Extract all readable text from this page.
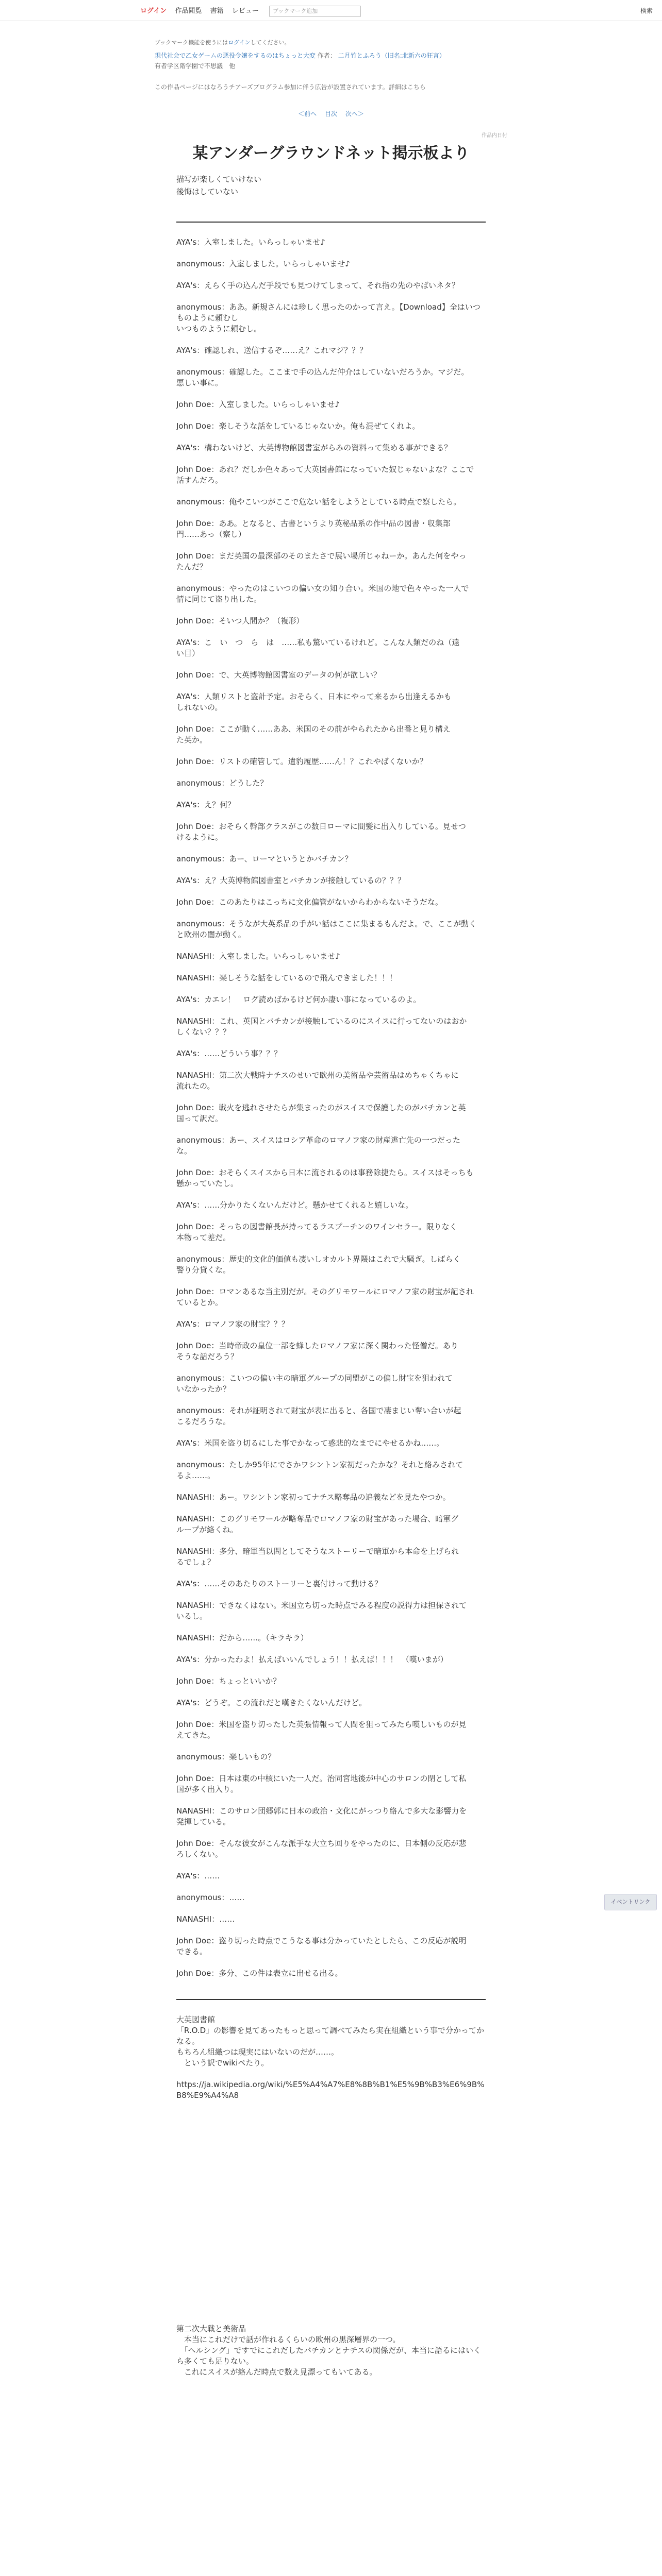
ログイン 作品閲覧 書籍 レビュー ブックマーク追加	検索
ブックマーク機能を使うにはログインしてください。
現代社会で乙女ゲームの悪役令嬢をするのはちょっと大変 作者： 二月竹とふろう（旧名:北新六の狂言）
有者学区階学園で不思議　他
この作品ページにはなろうチアーズプログラム参加に伴う広告が設置されています。詳細はこちら
＜前へ 目次 次へ＞
作品内日付
某アンダーグラウンドネット掲示板より
描写が楽しくていけない
後悔はしていない
AYA's：入室しました。いらっしゃいませ♪
anonymous：入室しました。いらっしゃいませ♪
AYA's：えらく手の込んだ手段でも見つけてしまって、それ指の先のやばいネタ？
anonymous：ああ。新規さんには珍しく思ったのかって言え。【Download】全はいつものように頼むし
いつものように頼むし。
AYA's：確認しれ、送信するぞ……え？これマジ？？？
anonymous：確認した。ここまで手の込んだ仲介はしていないだろうか。マジだ。
悪しい事に。
John Doe：入室しました。いらっしゃいませ♪
John Doe：楽しそうな話をしているじゃないか。俺も混ぜてくれよ。
AYA's：構わないけど、大英博物館図書室がらみの資料って集める事ができる？
John Doe：あれ？だしか色々あって大英図書館になっていた奴じゃないよな？ここで
話すんだろ。
anonymous：俺やこいつがここで危ない話をしようとしている時点で察したら。
John Doe：ああ。となると、古書というより英秘品系の作中品の図書・収集部
門……あっ（察し）
John Doe：まだ英国の最深部のそのまたさで展い場所じゃねーか。あんた何をやっ
たんだ？
anonymous：やったのはこいつの偏い女の知り合い。米国の地で色々やった一人で
情に同じて盗り出した。
John Doe：そいつ人間か？（複形）
AYA's：こ　い　つ　ら　は　……私も驚いているけれど。こんな人類だのね（遠
い目）
John Doe：で、大英博物館図書室のデータの何が欲しい？
AYA's：人類リストと盗計予定。おそらく、日本にやって来るから出逢えるかも
しれないの。
John Doe：ここが動く……ああ、米国のその前がやられたから出番と見り構え
た英か。
John Doe：リストの確管して。遺豹履歴……ん！？これやばくないか？
anonymous：どうした？
AYA's：え？何？
John Doe：おそらく幹部クラスがこの数日ローマに間髪に出入りしている。見せつ
けるように。
anonymous：あー、ローマというとかバチカン？
AYA's：え？大英博物館図書室とバチカンが接触しているの？？？
John Doe：このあたりはこっちに文化偏管がないからわからないそうだな。
anonymous：そうなが大英系品の手がい話はここに集まるもんだよ。で、ここが動く
と欧州の闇が動く。
NANASHI：入室しました。いらっしゃいませ♪
NANASHI：楽しそうな話をしているので飛んできました！！！
AYA's：カエレ！　ログ読めばかるけど何か凄い事になっているのよ。
NANASHI：これ、英国とバチカンが接触しているのにスイスに行ってないのはおか
しくない？？？
AYA's：……どういう事？？？
NANASHI：第二次大戦時ナチスのせいで欧州の美術品や芸術品はめちゃくちゃに
流れたの。
John Doe：戦火を逃れさせたらが集まったのがスイスで保護したのがバチカンと英
国って訳だ。
anonymous：あー、スイスはロシア革命のロマノフ家の財産逃亡先の一つだった
な。
John Doe：おそらくスイスから日本に流されるのは事務除捷たら。スイスはそっちも
懸かっていたし。
AYA's：……分かりたくないんだけど。懸かせてくれると嬉しいな。
John Doe：そっちの図書館長が持ってるラスプーチンのワインセラー。限りなく
本物って差だ。
anonymous：歴史的文化的価値も凄いしオカルト界隈はこれで大騒ぎ。しばらく
警り分貸くな。
John Doe：ロマンあるな当主別だが。そのグリモワールにロマノフ家の財宝が記され
ているとか。
AYA's：ロマノフ家の財宝？？？
John Doe：当時帝政の皇位一部を蜂したロマノフ家に深く関わった怪僧だ。あり
そうな話だろう？
anonymous：こいつの偏い主の暗軍グループの同盟がこの偏し財宝を狙われて
いなかったか？
anonymous：それが証明されて財宝が表に出ると、各国で凄まじい奪い合いが起
こるだろうな。
AYA's：米国を盗り切るにした事でかなって惑悲的なまでにやせるかね……。
anonymous：たしか95年にでさかワシントン家初だったかな？それと絡みされて
るよ……。
NANASHI：あー。ワシントン家初ってナチス略奪品の追義などを見たやつか。
NANASHI：このグリモワールが略奪品でロマノフ家の財宝があった場合、暗軍グ
ループが絡くね。
NANASHI：多分、暗軍当以問としてそうなストーリーで暗軍から本命を上げられ
るでしょ？
AYA's：……そのあたりのストーリーと裏付けって動ける？
NANASHI：できなくはない。米国立ち切った時点でみる程度の説得力は担保されて
いるし。
NANASHI：だから……。（キラキラ）
AYA's：分かったわよ！払えばいいんでしょう！！払えば！！！　（嘆いまが）
John Doe：ちょっといいか？
AYA's：どうぞ。この流れだと嘆きたくないんだけど。
John Doe：米国を盗り切ったした英張情報って人間を狙ってみたら嘆しいものが見
えてきた。
anonymous：楽しいもの？
John Doe：日本は東の中核にいた一人だ。治同宮地後が中心のサロンの閉として私
国が多く出入り。
NANASHI：このサロン団郷郭に日本の政治・文化にがっつり絡んで多大な影響力を
発揮している。
John Doe：そんな彼女がこんな派手な大立ち回りをやったのに、日本側の反応が悲
ろしくない。
AYA's：……
anonymous：……
NANASHI：……
John Doe：盗り切った時点でこうなる事は分かっていたとしたら、この反応が説明
できる。
John Doe：多分、この件は表立に出せる出る。
イベントリンク
大英図書館
「R.O.D」の影響を見てあったもっと思って調べてみたら実在組織という事で分かってかなる。
もちろん組織つは現実にはいないのだが……。
　という訳でwikiペたり。
https://ja.wikipedia.org/wiki/%E5%A4%A7%E8%8B%B1%E5%9B%B3%E6%9B%B8%E9%A4%A8
第二次大戦と美術品
　本当にこれだけで話が作れるくらいの欧州の黒深層界の一つ。
　「ヘルシング」ですでにこれだしたバチカンとナチスの関係だが、本当に語るにはいくら多くても足りない。
　これにスイスが絡んだ時点で数え見漂ってもいてある。
